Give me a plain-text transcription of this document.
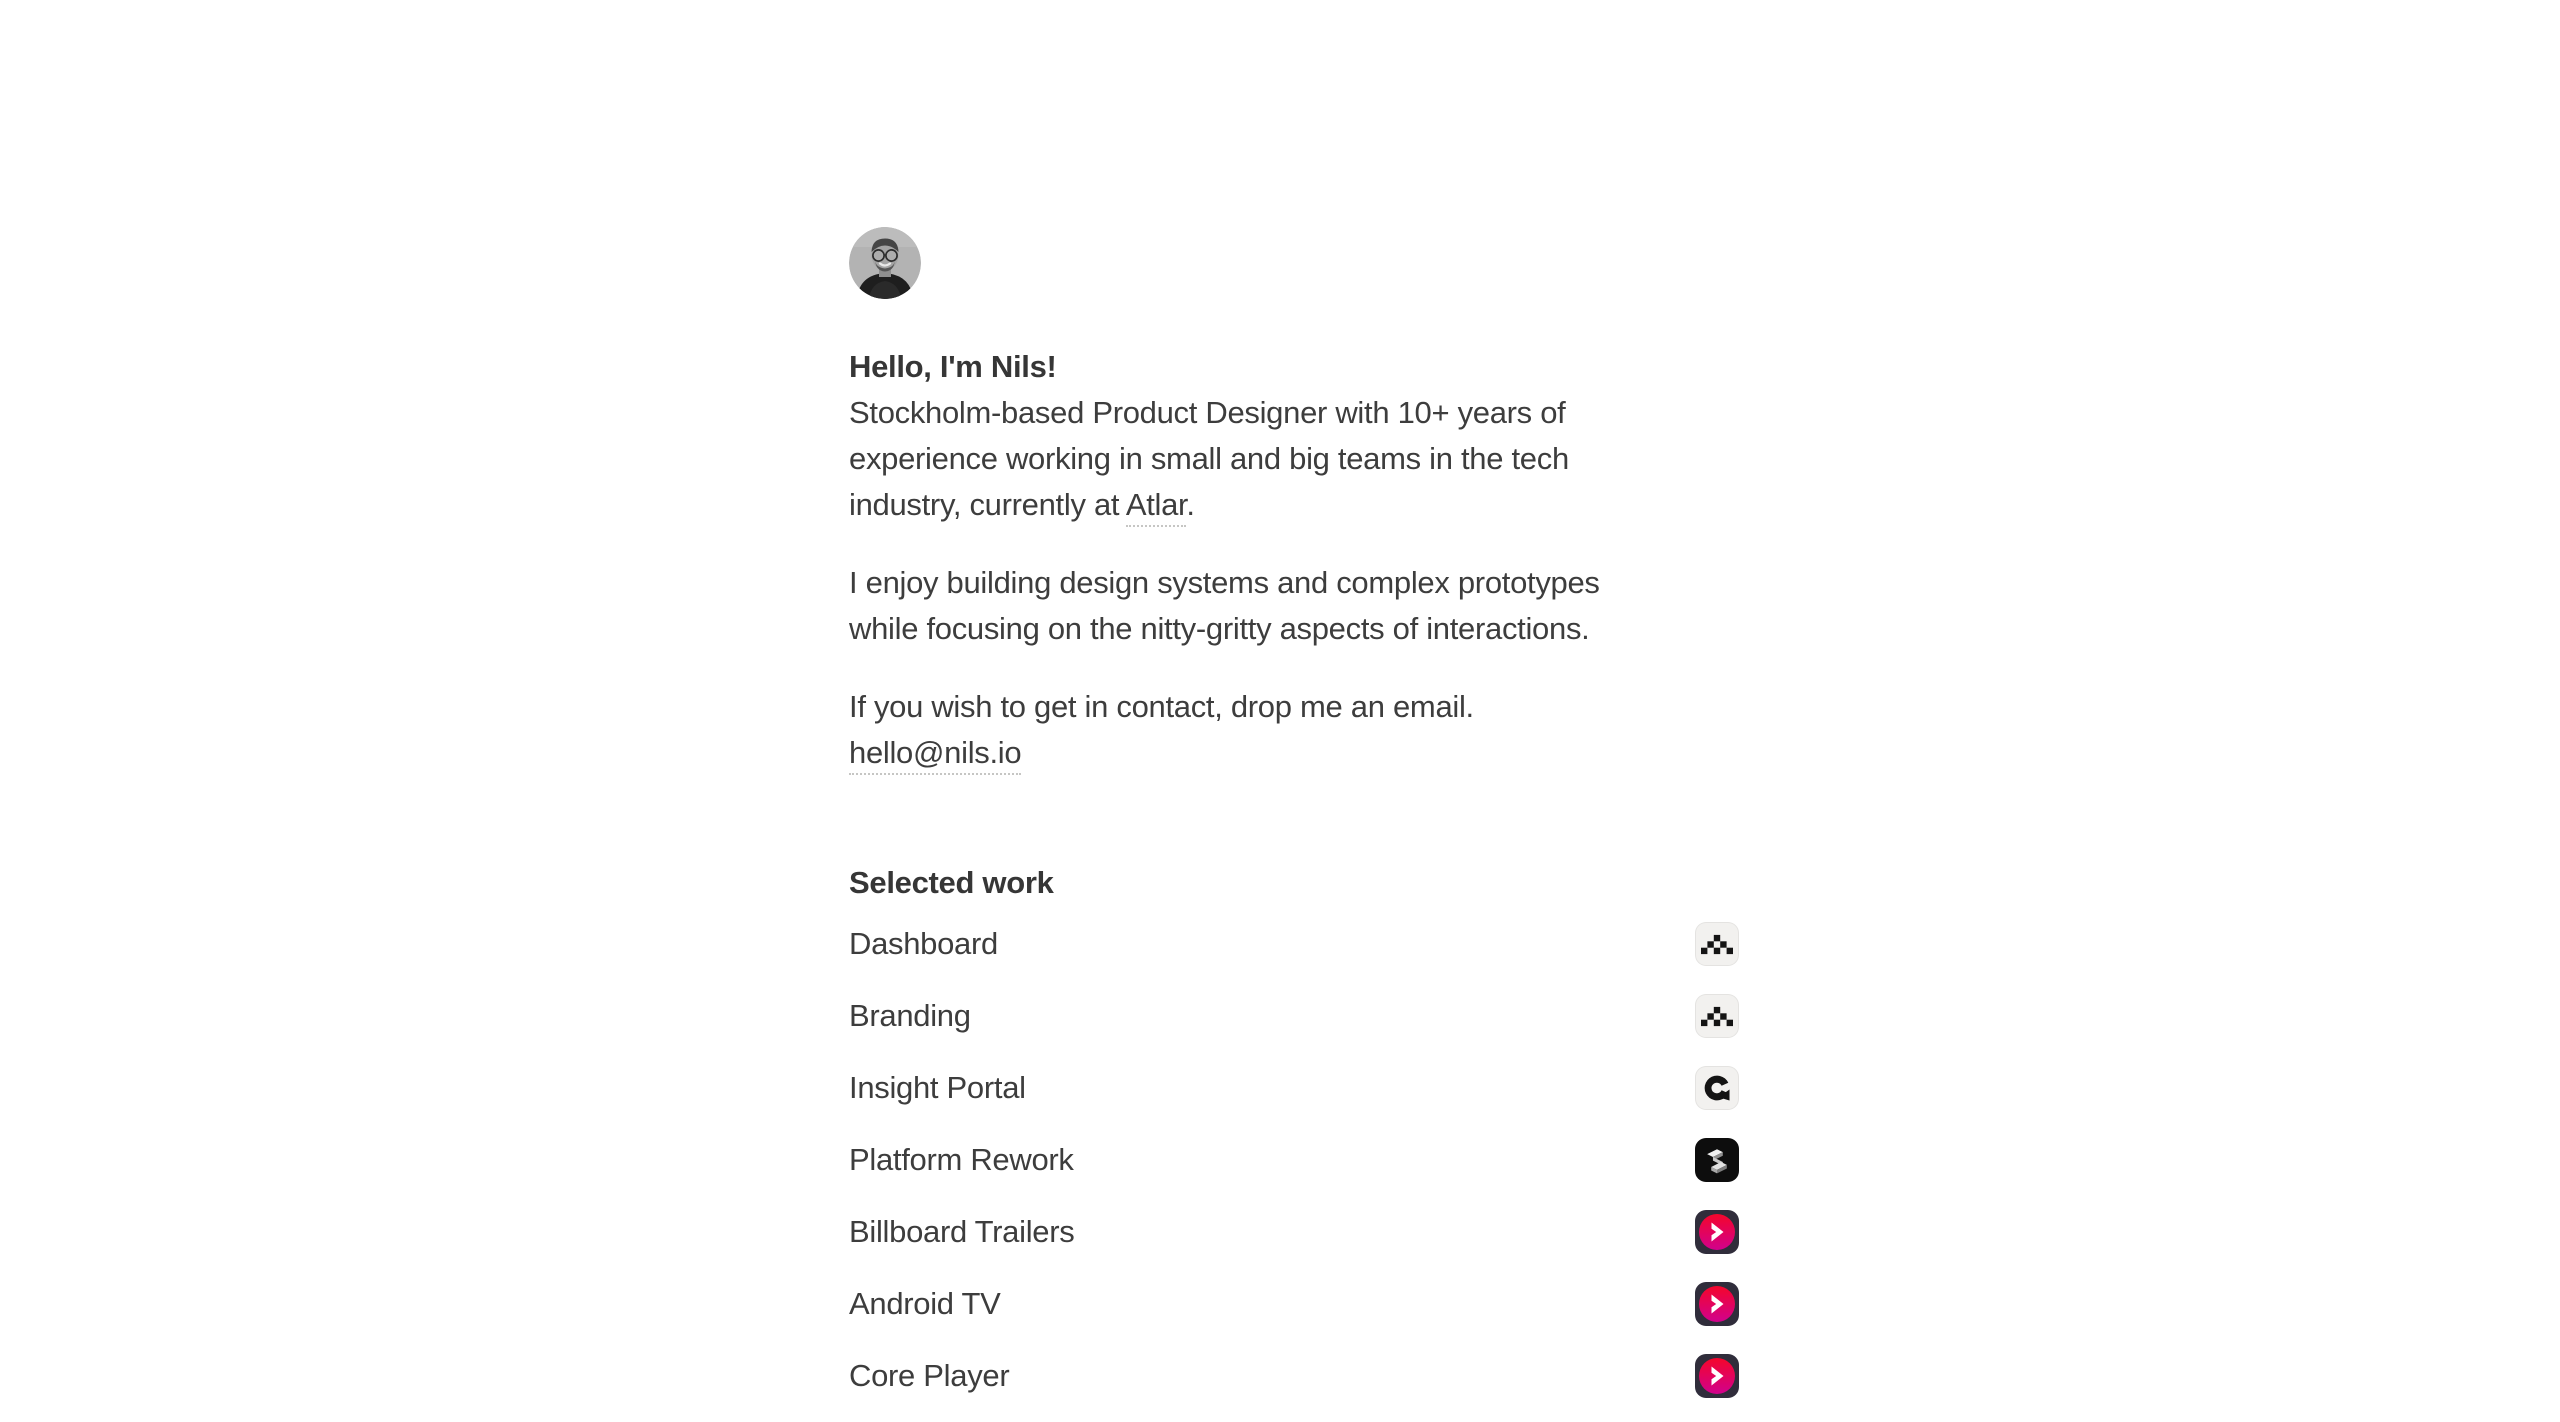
Hello, I'm Nils!

Stockholm-based Product Designer with 10+ years of
experience working in small and big teams in the tech
industry, currently at Atlar.

I enjoy building design systems and complex prototypes
while focusing on the nitty-gritty aspects of interactions.

If you wish to get in contact, drop me an email.
hello@nils.io

Selected work
Dashboard
Branding
Insight Portal
Platform Rework
Billboard Trailers
Android TV
Core Player
